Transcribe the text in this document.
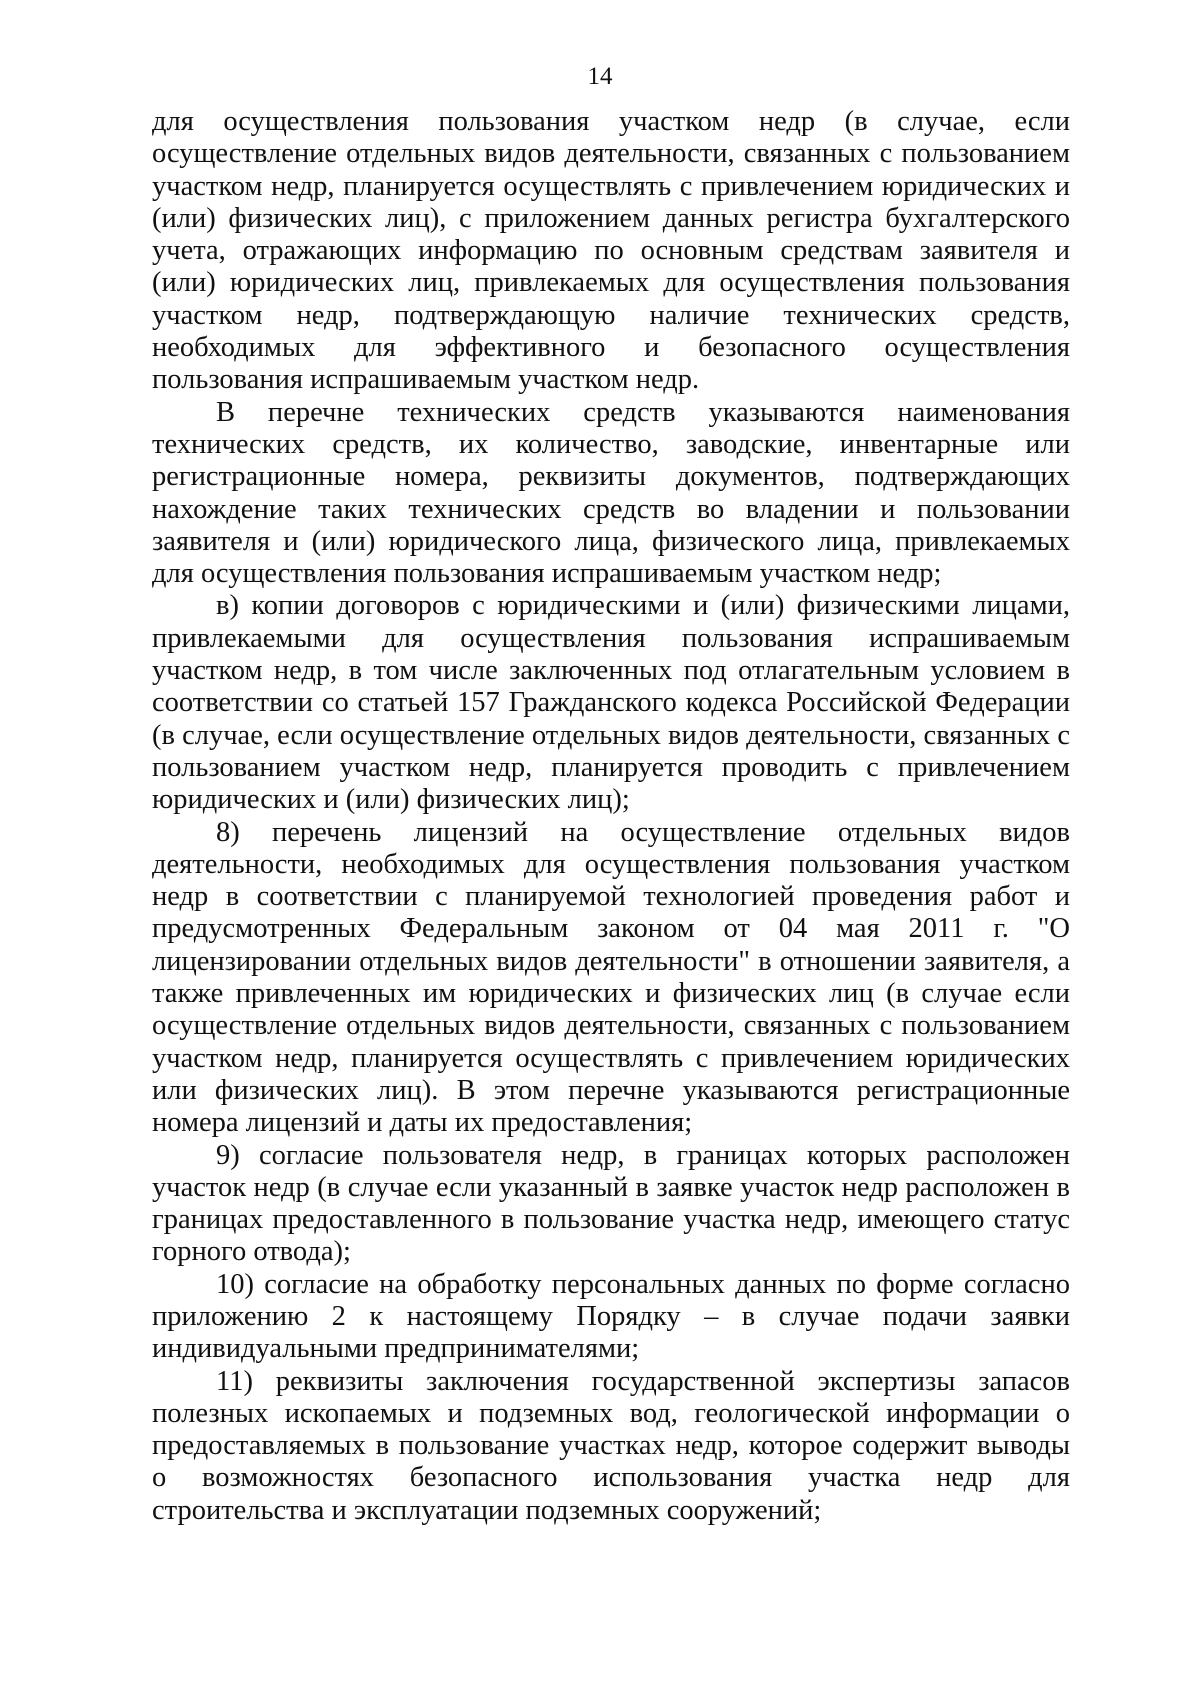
14

для осуществления пользования участком недр (в случае, если осуществление отдельных видов деятельности, связанных с пользованием участком недр, планируется осуществлять с привлечением юридических и (или) физических лиц), с приложением данных регистра бухгалтерского учета, отражающих информацию по основным средствам заявителя и (или) юридических лиц, привлекаемых для осуществления пользования участком недр, подтверждающую наличие технических средств, необходимых для эффективного и безопасного осуществления пользования испрашиваемым участком недр.

В перечне технических средств указываются наименования технических средств, их количество, заводские, инвентарные или регистрационные номера, реквизиты документов, подтверждающих нахождение таких технических средств во владении и пользовании заявителя и (или) юридического лица, физического лица, привлекаемых для осуществления пользования испрашиваемым участком недр;

в) копии договоров с юридическими и (или) физическими лицами, привлекаемыми для осуществления пользования испрашиваемым участком недр, в том числе заключенных под отлагательным условием в соответствии со статьей 157 Гражданского кодекса Российской Федерации (в случае, если осуществление отдельных видов деятельности, связанных с пользованием участком недр, планируется проводить с привлечением юридических и (или) физических лиц);

8) перечень лицензий на осуществление отдельных видов деятельности, необходимых для осуществления пользования участком недр в соответствии с планируемой технологией проведения работ и предусмотренных Федеральным законом от 04 мая 2011 г. "О лицензировании отдельных видов деятельности" в отношении заявителя, а также привлеченных им юридических и физических лиц (в случае если осуществление отдельных видов деятельности, связанных с пользованием участком недр, планируется осуществлять с привлечением юридических или физических лиц). В этом перечне указываются регистрационные номера лицензий и даты их предоставления;

9) согласие пользователя недр, в границах которых расположен участок недр (в случае если указанный в заявке участок недр расположен в границах предоставленного в пользование участка недр, имеющего статус горного отвода);

10) согласие на обработку персональных данных по форме согласно приложению 2 к настоящему Порядку – в случае подачи заявки индивидуальными предпринимателями;

11) реквизиты заключения государственной экспертизы запасов полезных ископаемых и подземных вод, геологической информации о предоставляемых в пользование участках недр, которое содержит выводы о возможностях безопасного использования участка недр для строительства и эксплуатации подземных сооружений;
